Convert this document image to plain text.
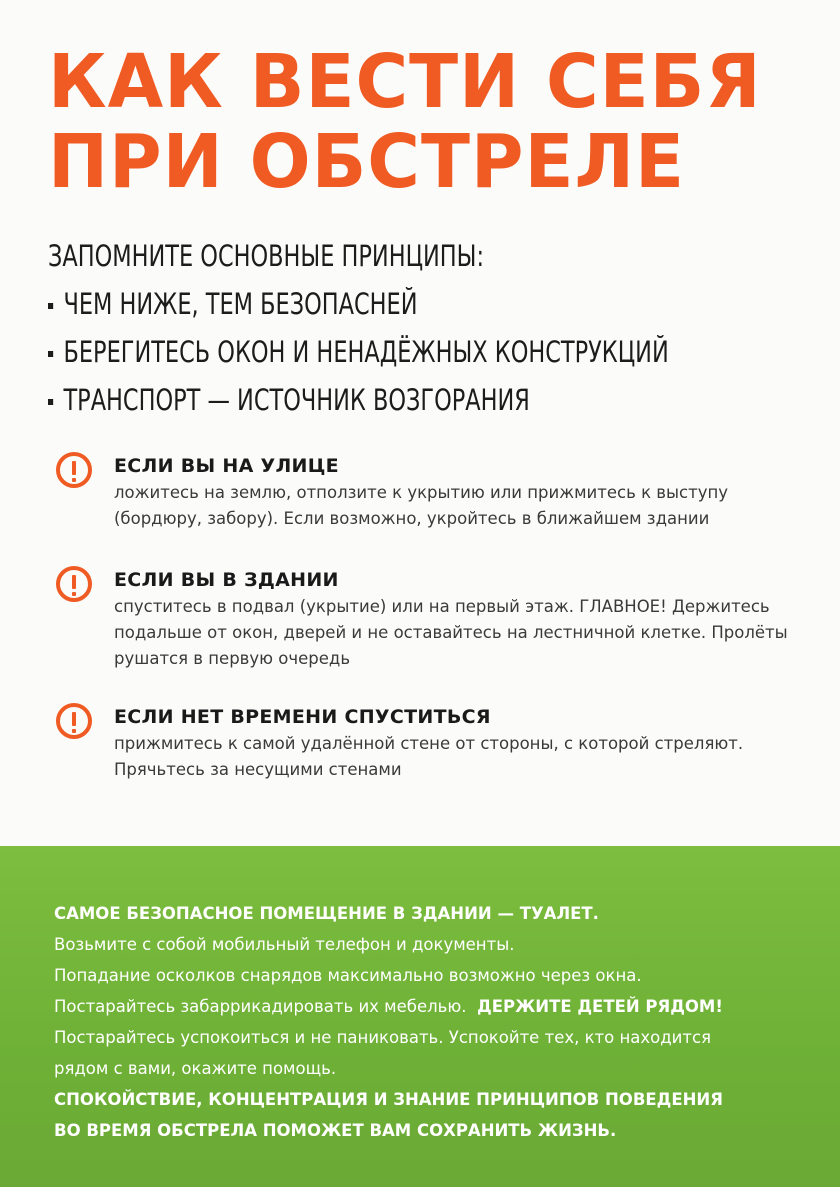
КАК ВЕСТИ СЕБЯ
ПРИ ОБСТРЕЛЕ
ЗАПОМНИТЕ ОСНОВНЫЕ ПРИНЦИПЫ:
ЧЕМ НИЖЕ, ТЕМ БЕЗОПАСНЕЙ
БЕРЕГИТЕСЬ ОКОН И НЕНАДЁЖНЫХ КОНСТРУКЦИЙ
ТРАНСПОРТ — ИСТОЧНИК ВОЗГОРАНИЯ
ЕСЛИ ВЫ НА УЛИЦЕ

ложитесь на землю, отползите к укрытию или прижмитесь к выступу (бордюру, забору). Если возможно, укройтесь в ближайшем здании

ЕСЛИ ВЫ В ЗДАНИИ

спуститесь в подвал (укрытие) или на первый этаж. ГЛАВНОЕ! Держитесь подальше от окон, дверей и не оставайтесь на лестничной клетке. Пролёты рушатся в первую очередь

ЕСЛИ НЕТ ВРЕМЕНИ СПУСТИТЬСЯ

прижмитесь к самой удалённой стене от стороны, с которой стреляют. Прячьтесь за несущими стенами

САМОЕ БЕЗОПАСНОЕ ПОМЕЩЕНИЕ В ЗДАНИИ — ТУАЛЕТ.
Возьмите с собой мобильный телефон и документы.
Попадание осколков снарядов максимально возможно через окна.
Постарайтесь забаррикадировать их мебелью. ДЕРЖИТЕ ДЕТЕЙ РЯДОМ!
Постарайтесь успокоиться и не паниковать. Успокойте тех, кто находится
рядом с вами, окажите помощь.
СПОКОЙСТВИЕ, КОНЦЕНТРАЦИЯ И ЗНАНИЕ ПРИНЦИПОВ ПОВЕДЕНИЯ
ВО ВРЕМЯ ОБСТРЕЛА ПОМОЖЕТ ВАМ СОХРАНИТЬ ЖИЗНЬ.
